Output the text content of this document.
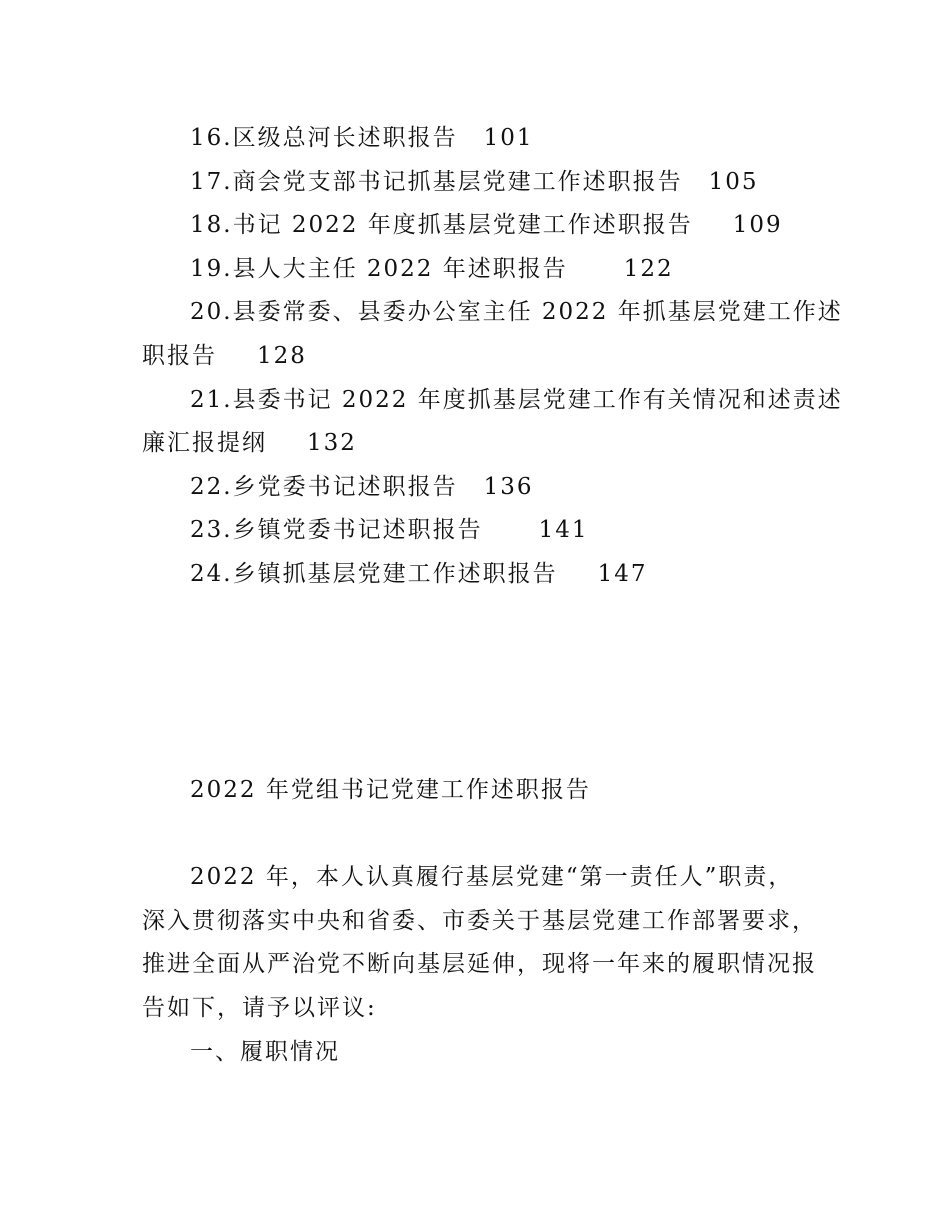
16.区级总河长述职报告 101
17.商会党支部书记抓基层党建工作述职报告 105
18.书记 2022 年度抓基层党建工作述职报告 109
19.县人大主任 2022 年述职报告 122
20.县委常委、县委办公室主任 2022 年抓基层党建工作述
职报告 128
21.县委书记 2022 年度抓基层党建工作有关情况和述责述
廉汇报提纲 132
22.乡党委书记述职报告 136
23.乡镇党委书记述职报告 141
24.乡镇抓基层党建工作述职报告 147
2022 年党组书记党建工作述职报告
2022 年，本人认真履行基层党建“第一责任人”职责，
深入贯彻落实中央和省委、市委关于基层党建工作部署要求，
推进全面从严治党不断向基层延伸，现将一年来的履职情况报
告如下，请予以评议:
一、履职情况
